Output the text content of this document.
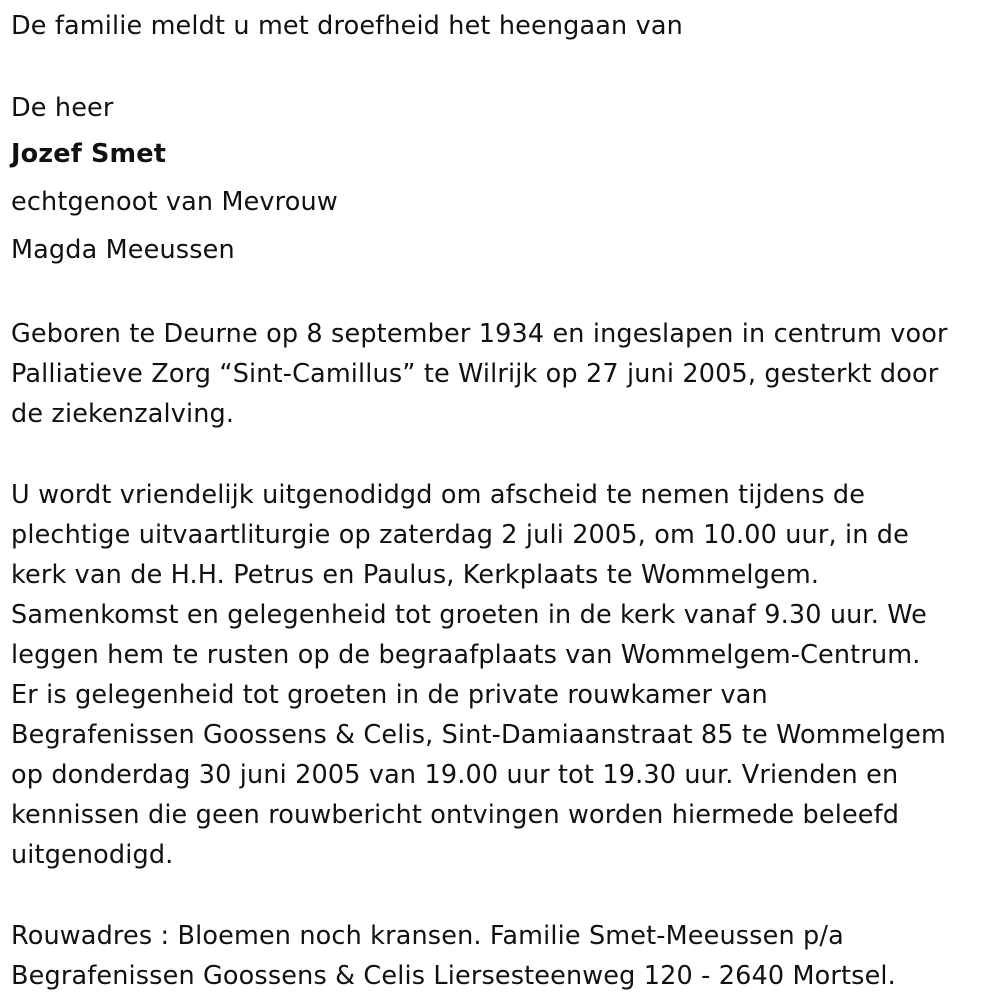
De familie meldt u met droefheid het heengaan van

De heer

Jozef Smet

echtgenoot van Mevrouw

Magda Meeussen

Geboren te Deurne op 8 september 1934 en ingeslapen in centrum voor

Palliatieve Zorg “Sint-Camillus” te Wilrijk op 27 juni 2005, gesterkt door

de ziekenzalving.

U wordt vriendelijk uitgenodidgd om afscheid te nemen tijdens de

plechtige uitvaartliturgie op zaterdag 2 juli 2005, om 10.00 uur, in de

kerk van de H.H. Petrus en Paulus, Kerkplaats te Wommelgem.

Samenkomst en gelegenheid tot groeten in de kerk vanaf 9.30 uur. We

leggen hem te rusten op de begraafplaats van Wommelgem-Centrum.

Er is gelegenheid tot groeten in de private rouwkamer van

Begrafenissen Goossens & Celis, Sint-Damiaanstraat 85 te Wommelgem

op donderdag 30 juni 2005 van 19.00 uur tot 19.30 uur. Vrienden en

kennissen die geen rouwbericht ontvingen worden hiermede beleefd

uitgenodigd.

Rouwadres : Bloemen noch kransen. Familie Smet-Meeussen p/a

Begrafenissen Goossens & Celis Liersesteenweg 120 - 2640 Mortsel.
